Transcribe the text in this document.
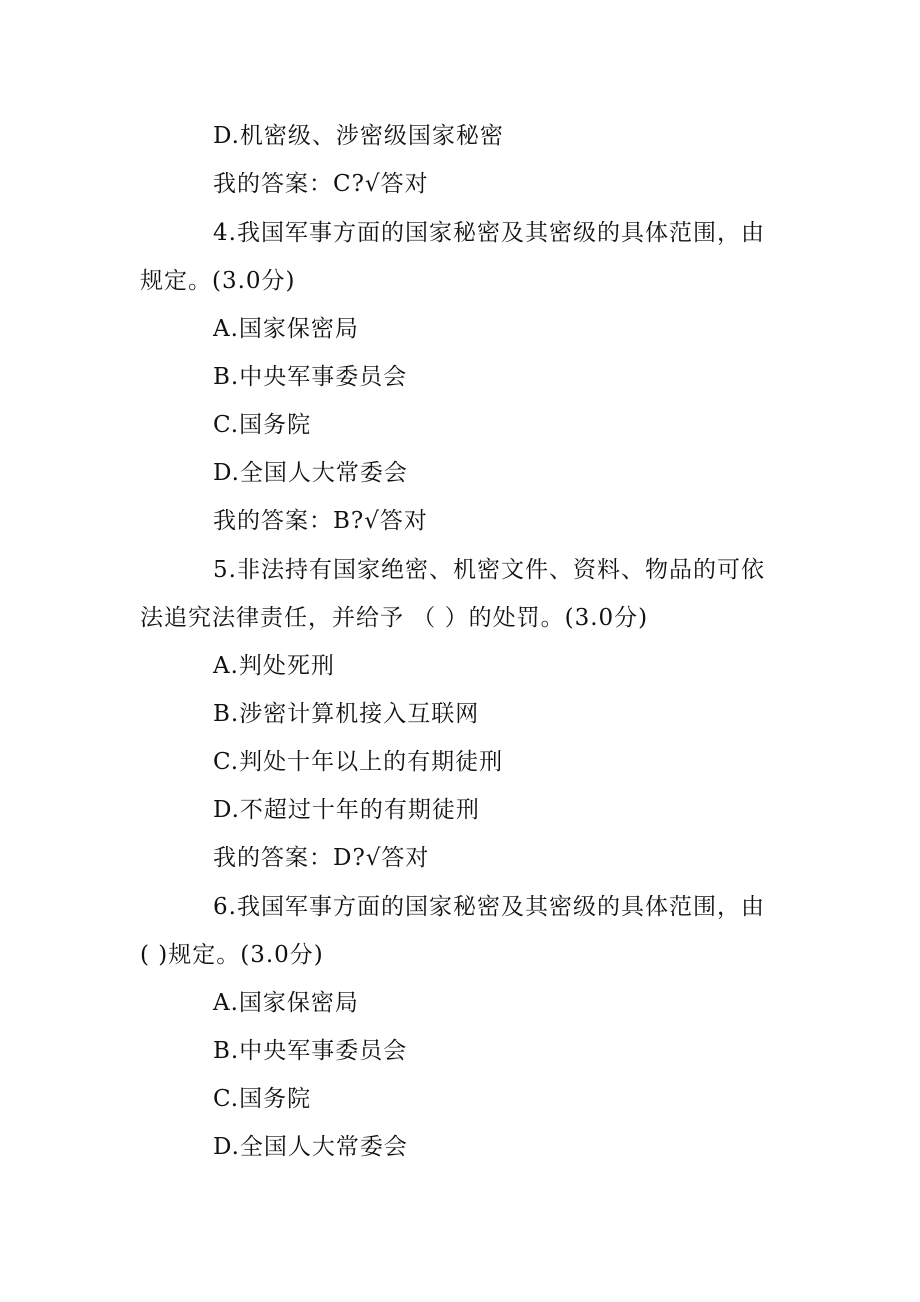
D.机密级、涉密级国家秘密
我的答案：C?√答对
4.我国军事方面的国家秘密及其密级的具体范围，由
规定。(3.0分)
A.国家保密局
B.中央军事委员会
C.国务院
D.全国人大常委会
我的答案：B?√答对
5.非法持有国家绝密、机密文件、资料、物品的可依
法追究法律责任，并给予 （ ）的处罚。(3.0分)
A.判处死刑
B.涉密计算机接入互联网
C.判处十年以上的有期徒刑
D.不超过十年的有期徒刑
我的答案：D?√答对
6.我国军事方面的国家秘密及其密级的具体范围，由
( )规定。(3.0分)
A.国家保密局
B.中央军事委员会
C.国务院
D.全国人大常委会
